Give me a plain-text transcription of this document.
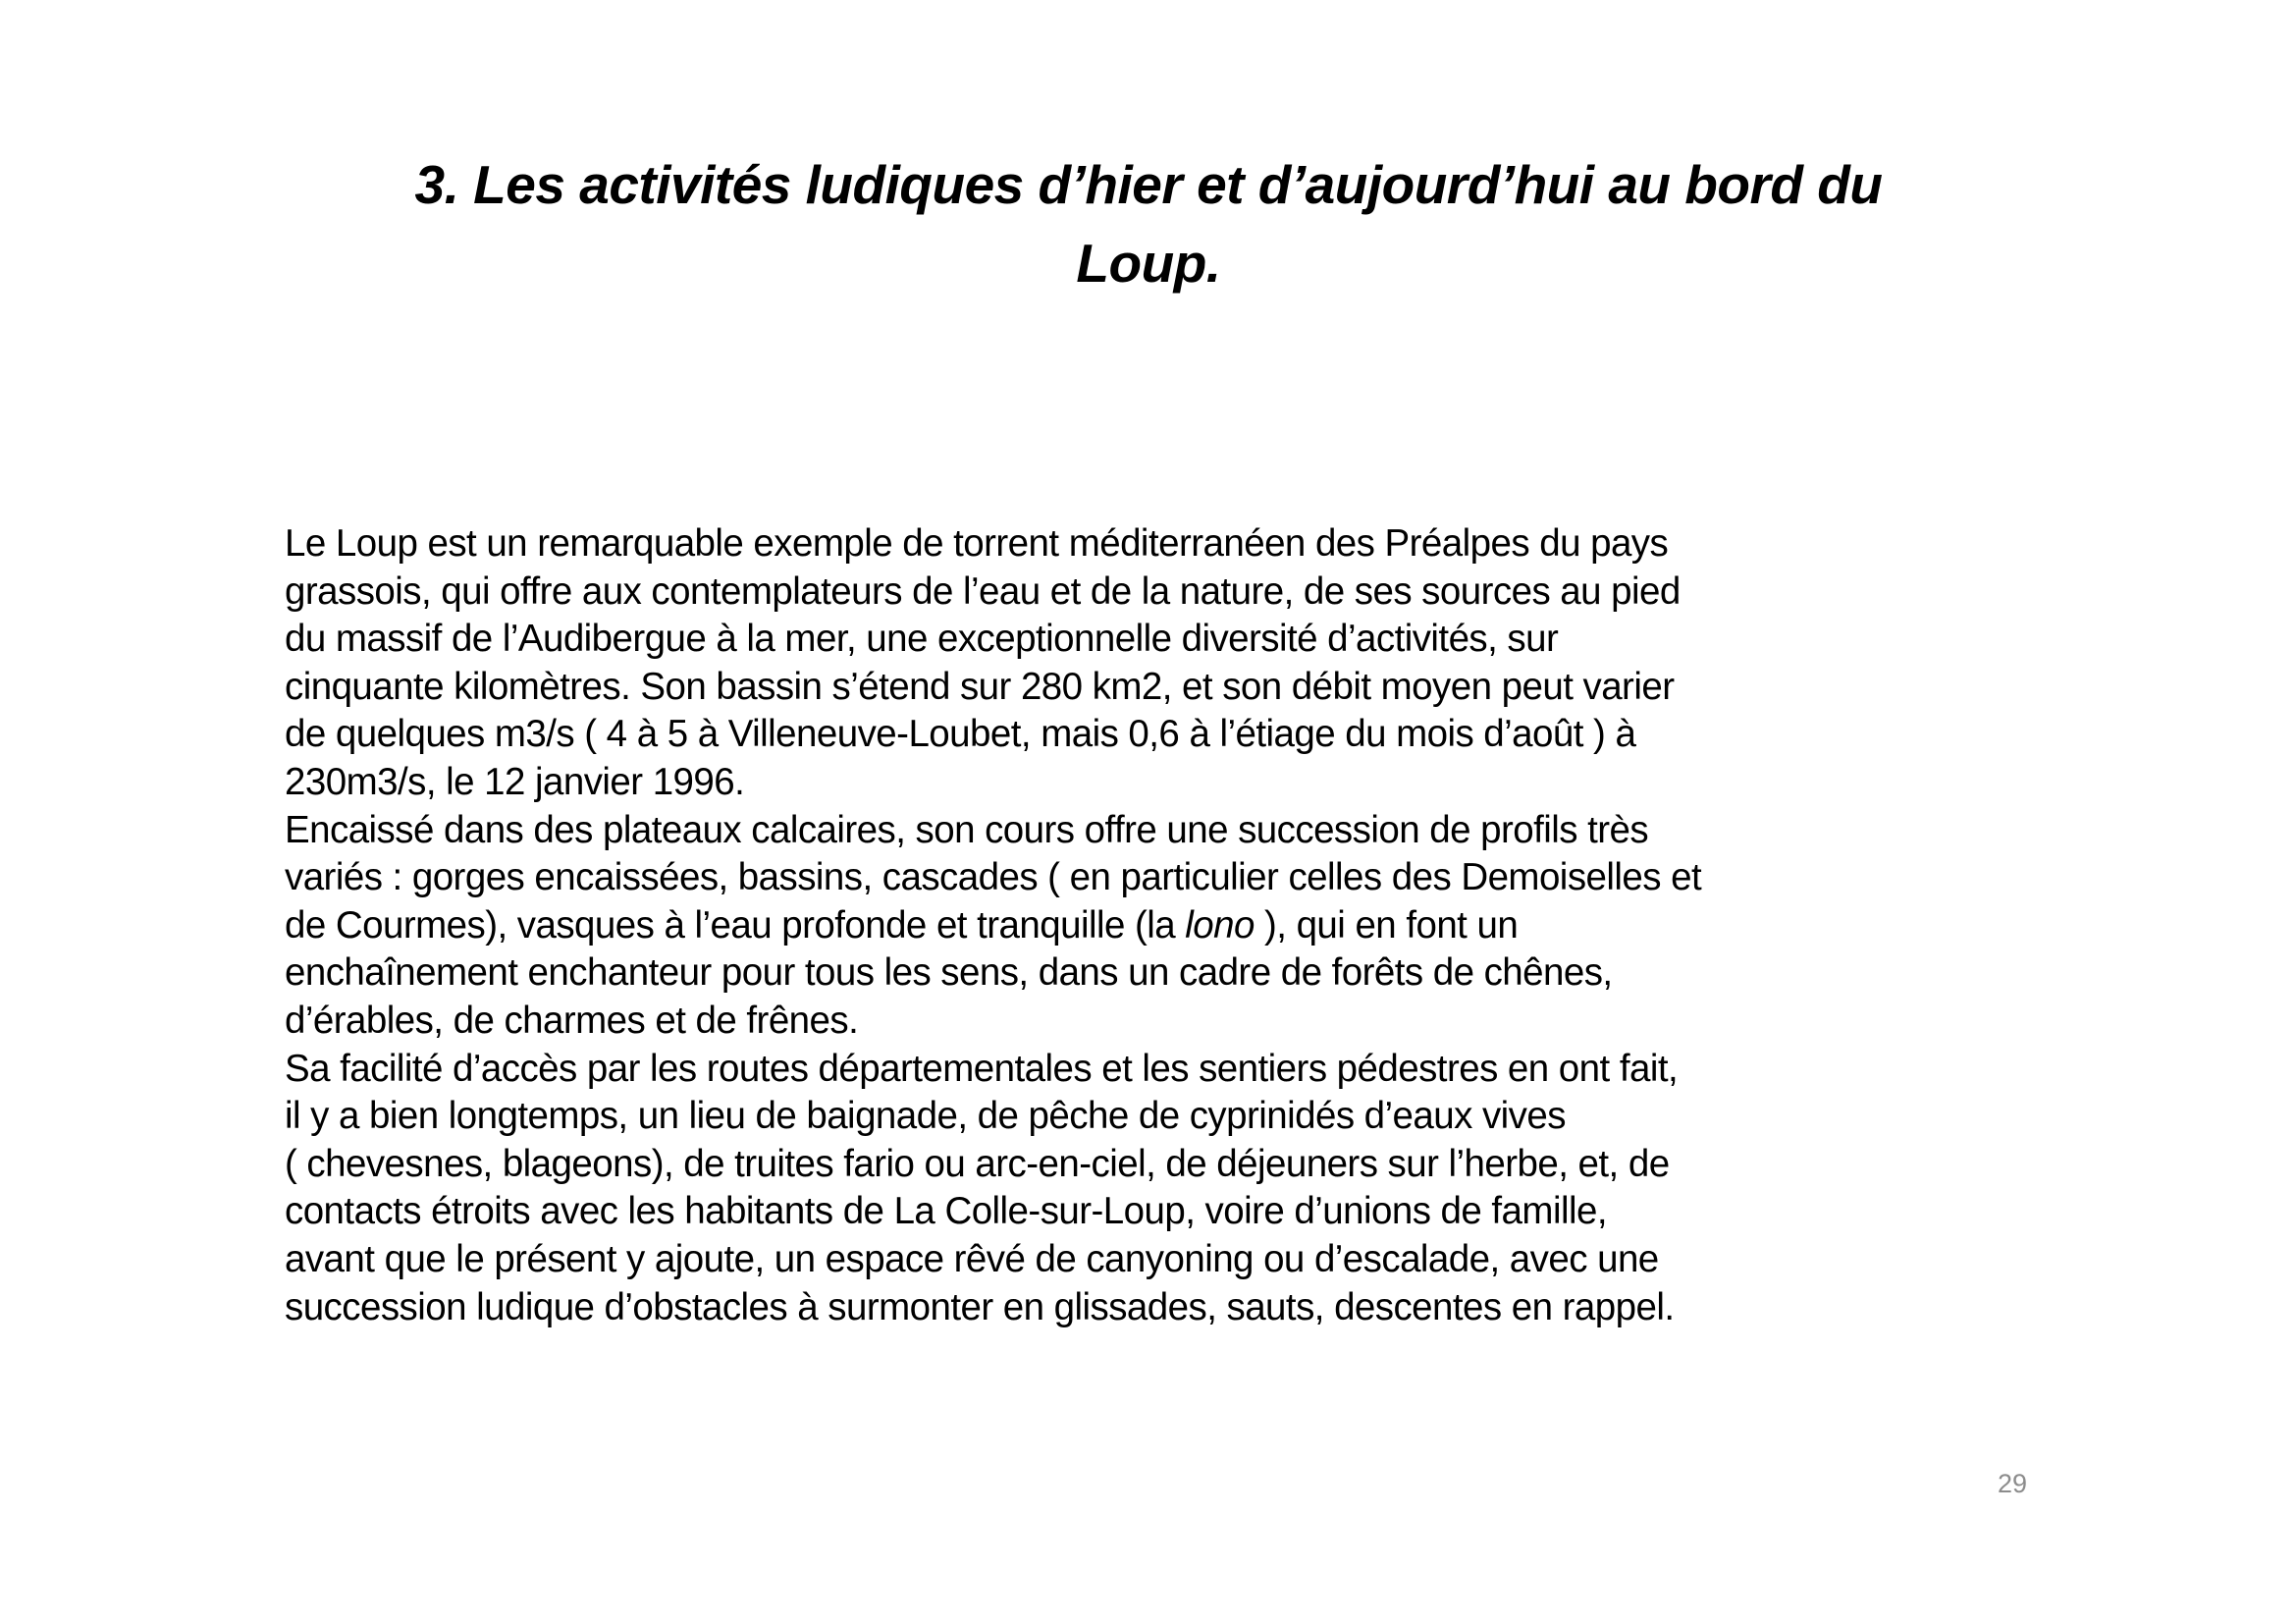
3. Les activités ludiques d’hier et d’aujourd’hui au bord du
Loup.
Le Loup est un remarquable exemple de torrent méditerranéen des Préalpes du pays
grassois, qui offre aux contemplateurs de l’eau et de la nature, de ses sources au pied
du massif de l’Audibergue à la mer, une exceptionnelle diversité d’activités, sur
cinquante kilomètres. Son bassin s’étend sur 280 km2, et son débit moyen peut varier
de quelques m3/s ( 4 à 5 à Villeneuve-Loubet, mais 0,6 à l’étiage du mois d’août ) à
230m3/s, le 12 janvier 1996.
Encaissé dans des plateaux calcaires, son cours offre une succession de profils très
variés : gorges encaissées, bassins, cascades ( en particulier celles des Demoiselles et
de Courmes), vasques à l’eau profonde et tranquille (la lono ), qui en font un
enchaînement enchanteur pour tous les sens, dans un cadre de forêts de chênes,
d’érables, de charmes et de frênes.
Sa facilité d’accès par les routes départementales et les sentiers pédestres en ont fait,
il y a bien longtemps, un lieu de baignade, de pêche de cyprinidés d’eaux vives
( chevesnes, blageons), de truites fario ou arc-en-ciel, de déjeuners sur l’herbe, et, de
contacts étroits avec les habitants de La Colle-sur-Loup, voire d’unions de famille,
avant que le présent y ajoute, un espace rêvé de canyoning ou d’escalade, avec une
succession ludique d’obstacles à surmonter en glissades, sauts, descentes en rappel.
29
